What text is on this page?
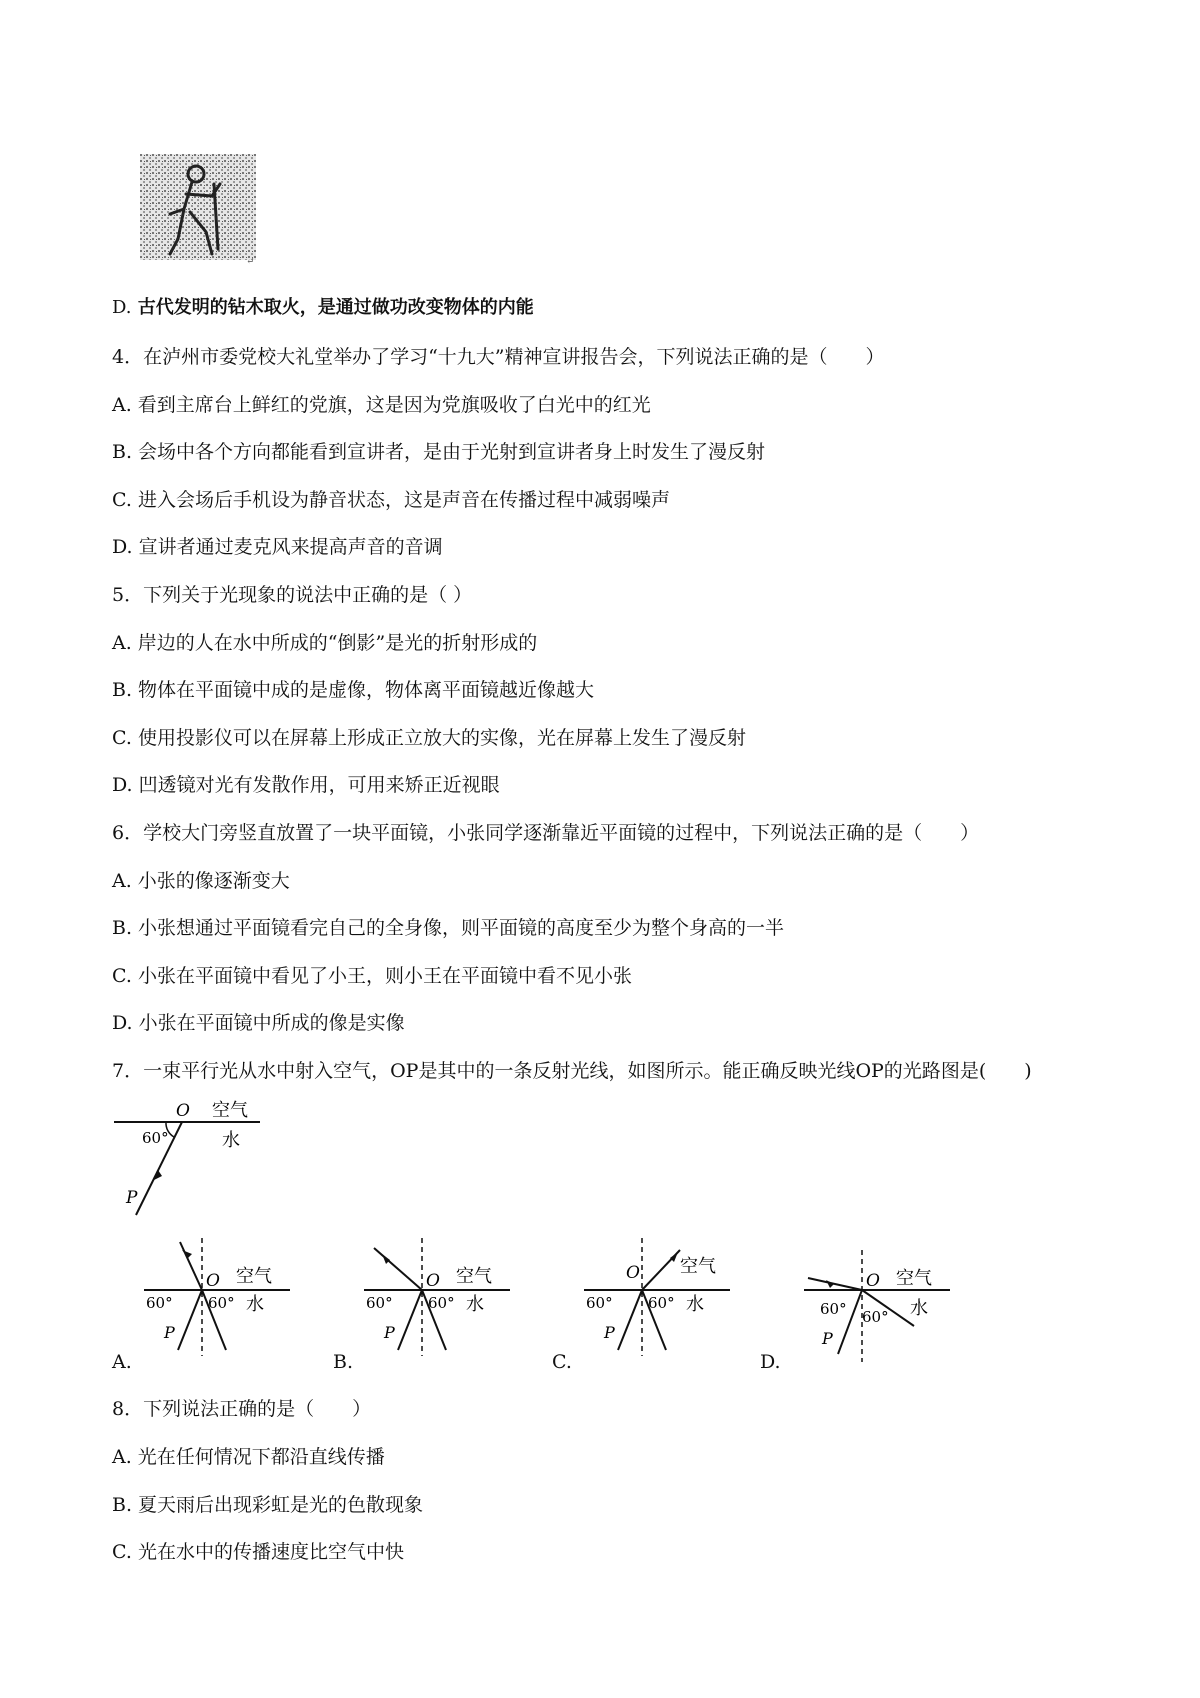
↵
D. 古代发明的钻木取火，是通过做功改变物体的内能
4．在泸州市委党校大礼堂举办了学习“十九大”精神宣讲报告会，下列说法正确的是（　　）
A. 看到主席台上鲜红的党旗，这是因为党旗吸收了白光中的红光
B. 会场中各个方向都能看到宣讲者，是由于光射到宣讲者身上时发生了漫反射
C. 进入会场后手机设为静音状态，这是声音在传播过程中减弱噪声
D. 宣讲者通过麦克风来提高声音的音调
5．下列关于光现象的说法中正确的是（ ）
A. 岸边的人在水中所成的“倒影”是光的折射形成的
B. 物体在平面镜中成的是虚像，物体离平面镜越近像越大
C. 使用投影仪可以在屏幕上形成正立放大的实像，光在屏幕上发生了漫反射
D. 凹透镜对光有发散作用，可用来矫正近视眼
6．学校大门旁竖直放置了一块平面镜，小张同学逐渐靠近平面镜的过程中，下列说法正确的是（　　）
A. 小张的像逐渐变大
B. 小张想通过平面镜看完自己的全身像，则平面镜的高度至少为整个身高的一半
C. 小张在平面镜中看见了小王，则小王在平面镜中看不见小张
D. 小张在平面镜中所成的像是实像
7．一束平行光从水中射入空气，OP是其中的一条反射光线，如图所示。能正确反映光线OP的光路图是(　　)
O 空气
水
60°
P
60° 60°
O 空气
水
P
A.
60° 60°
O 空气
水
P
B.
60° 60°
O 空气
水
P
C.
60° 60°
O 空气
水
P
D.
8．下列说法正确的是（　　）
A. 光在任何情况下都沿直线传播
B. 夏天雨后出现彩虹是光的色散现象
C. 光在水中的传播速度比空气中快
